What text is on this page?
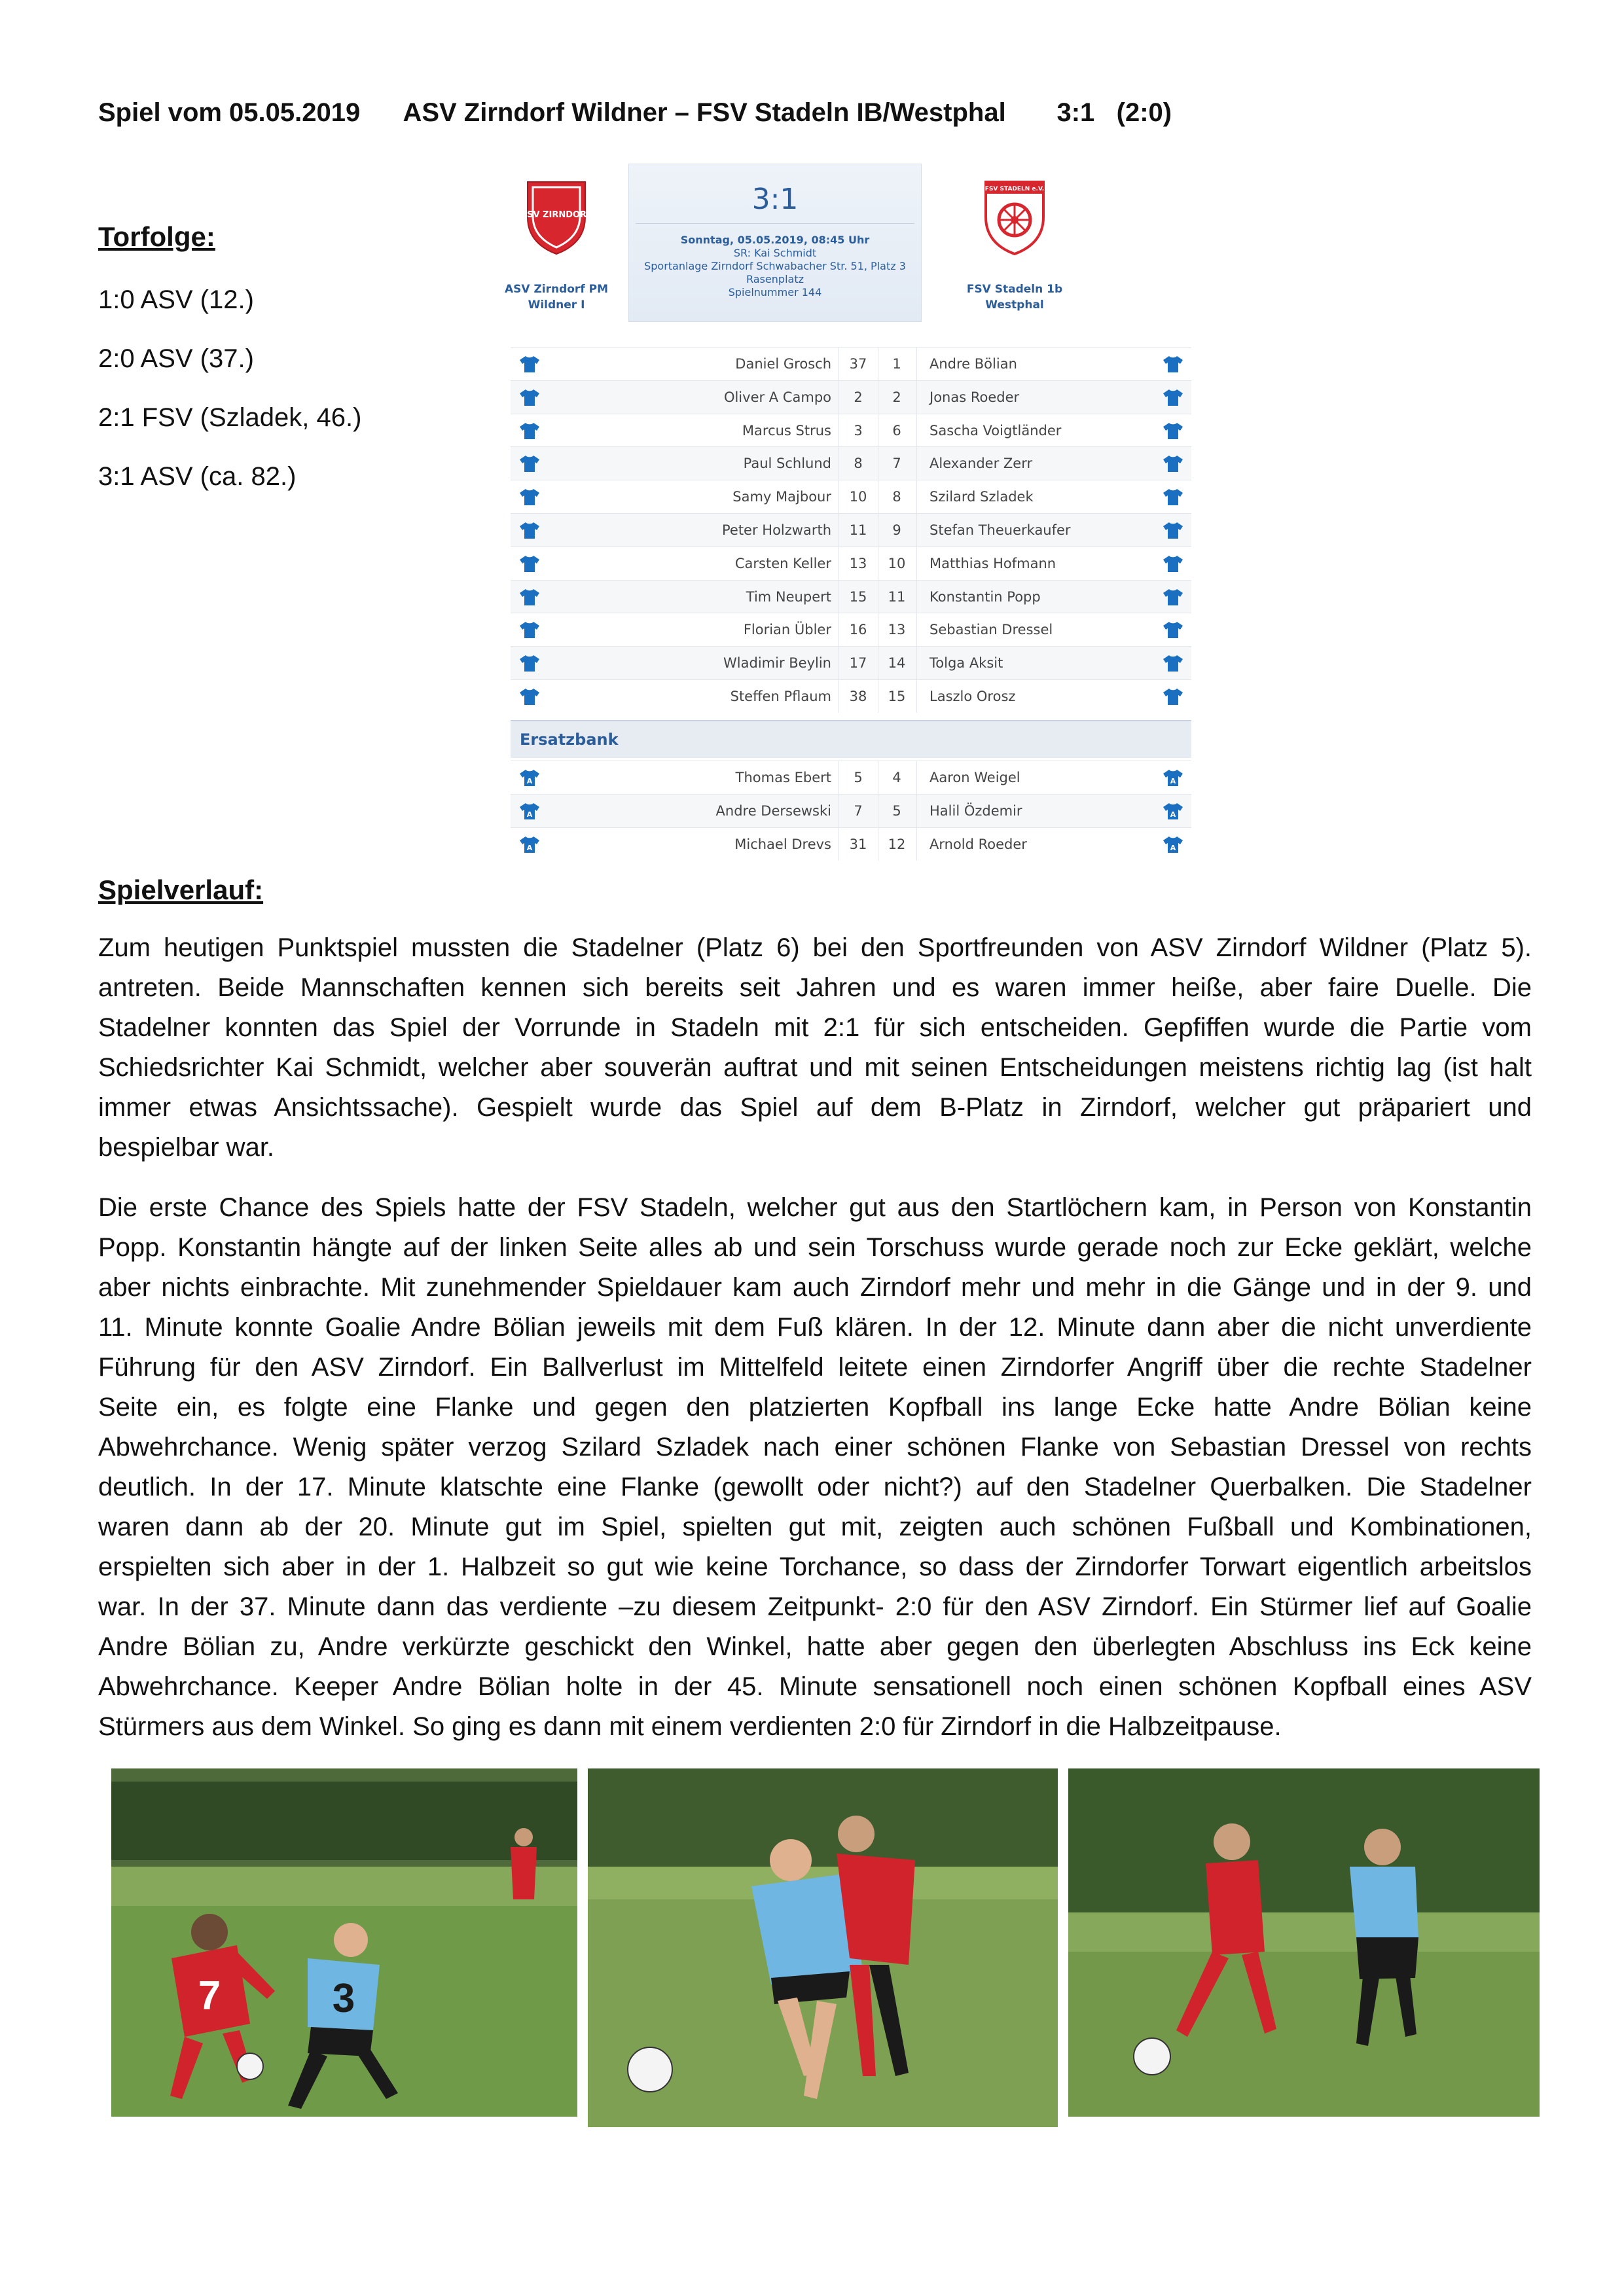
Spiel vom 05.05.2019      ASV Zirndorf Wildner – FSV Stadeln IB/Westphal       3:1   (2:0)
Torfolge:
1:0 ASV (12.)
2:0 ASV (37.)
2:1 FSV (Szladek, 46.)
3:1 ASV (ca. 82.)
ASV ZIRNDORF
ASV Zirndorf PM
Wildner I
3:1
Sonntag, 05.05.2019, 08:45 Uhr
SR: Kai Schmidt
Sportanlage Zirndorf Schwabacher Str. 51, Platz 3
Rasenplatz
Spielnummer 144
FSV STADELN e.V.
FSV Stadeln 1b
Westphal
Daniel Grosch	37	1	Andre Bölian
Oliver A Campo	2	2	Jonas Roeder
Marcus Strus	3	6	Sascha Voigtländer
Paul Schlund	8	7	Alexander Zerr
Samy Majbour	10	8	Szilard Szladek
Peter Holzwarth	11	9	Stefan Theuerkaufer
Carsten Keller	13	10	Matthias Hofmann
Tim Neupert	15	11	Konstantin Popp
Florian Übler	16	13	Sebastian Dressel
Wladimir Beylin	17	14	Tolga Aksit
Steffen Pflaum	38	15	Laszlo Orosz
Ersatzbank
A	Thomas Ebert	5	4	Aaron Weigel	A
A	Andre Dersewski	7	5	Halil Özdemir	A
A	Michael Drevs	31	12	Arnold Roeder	A
Spielverlauf:
Zum heutigen Punktspiel mussten die Stadelner (Platz 6) bei den Sportfreunden von ASV Zirndorf Wildner (Platz 5).
antreten. Beide Mannschaften kennen sich bereits seit Jahren und es waren immer heiße, aber faire Duelle. Die
Stadelner konnten das Spiel der Vorrunde in Stadeln mit 2:1 für sich entscheiden. Gepfiffen wurde die Partie vom
Schiedsrichter Kai Schmidt, welcher aber souverän auftrat und mit seinen Entscheidungen meistens richtig lag (ist halt
immer etwas Ansichtssache). Gespielt wurde das Spiel auf dem B-Platz in Zirndorf, welcher gut präpariert und
bespielbar war.
Die erste Chance des Spiels hatte der FSV Stadeln, welcher gut aus den Startlöchern kam, in Person von Konstantin
Popp. Konstantin hängte auf der linken Seite alles ab und sein Torschuss wurde gerade noch zur Ecke geklärt, welche
aber nichts einbrachte. Mit zunehmender Spieldauer kam auch Zirndorf mehr und mehr in die Gänge und in der 9. und
11. Minute konnte Goalie Andre Bölian jeweils mit dem Fuß klären. In der 12. Minute dann aber die nicht unverdiente
Führung für den ASV Zirndorf. Ein Ballverlust im Mittelfeld leitete einen Zirndorfer Angriff über die rechte Stadelner
Seite ein, es folgte eine Flanke und gegen den platzierten Kopfball ins lange Ecke hatte Andre Bölian keine
Abwehrchance. Wenig später verzog Szilard Szladek nach einer schönen Flanke von Sebastian Dressel von rechts
deutlich. In der 17. Minute klatschte eine Flanke (gewollt oder nicht?) auf den Stadelner Querbalken. Die Stadelner
waren dann ab der 20. Minute gut im Spiel, spielten gut mit, zeigten auch schönen Fußball und Kombinationen,
erspielten sich aber in der 1. Halbzeit so gut wie keine Torchance, so dass der Zirndorfer Torwart eigentlich arbeitslos
war. In der 37. Minute dann das verdiente –zu diesem Zeitpunkt- 2:0 für den ASV Zirndorf. Ein Stürmer lief auf Goalie
Andre Bölian zu, Andre verkürzte geschickt den Winkel, hatte aber gegen den überlegten Abschluss ins Eck keine
Abwehrchance. Keeper Andre Bölian holte in der 45. Minute sensationell noch einen schönen Kopfball eines ASV
Stürmers aus dem Winkel. So ging es dann mit einem verdienten 2:0 für Zirndorf in die Halbzeitpause.
7	3
